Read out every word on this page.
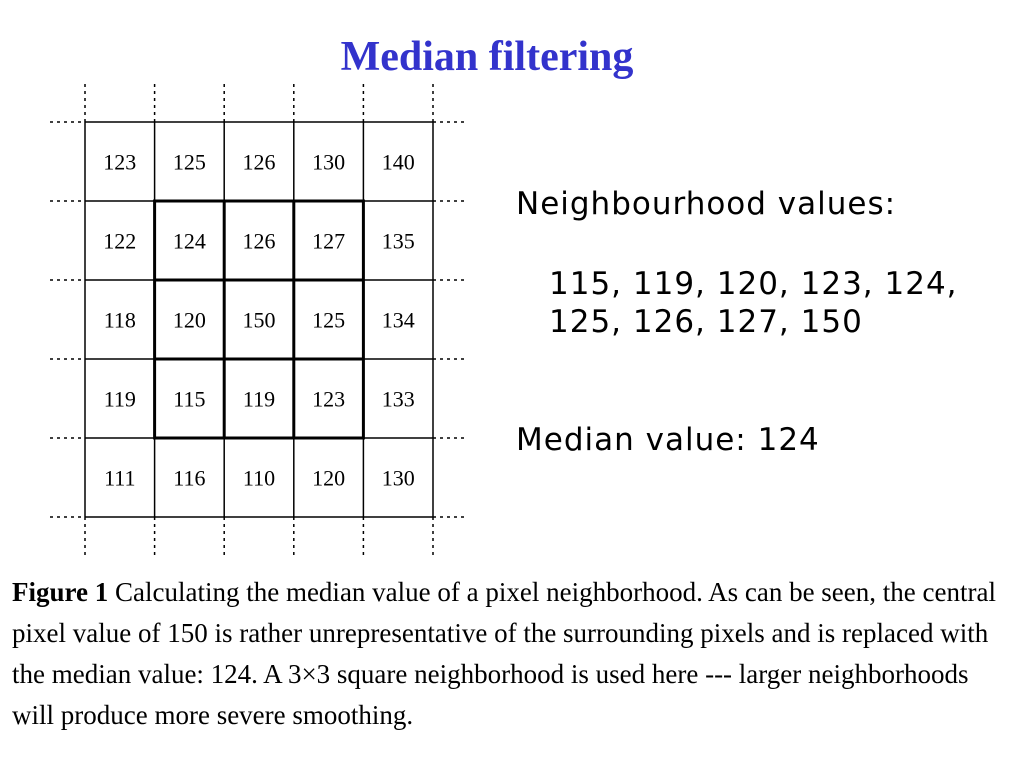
Median filtering
123 125 126 130 140
122 124 126 127 135
118 120 150 125 134
119 115 119 123 133
111 116 110 120 130
Neighbourhood values:
115, 119, 120, 123, 124,
125, 126, 127, 150
Median value: 124
Figure 1 Calculating the median value of a pixel neighborhood. As can be seen, the central pixel value of 150 is rather unrepresentative of the surrounding pixels and is replaced with the median value: 124. A 3×3 square neighborhood is used here --- larger neighborhoods will produce more severe smoothing.
